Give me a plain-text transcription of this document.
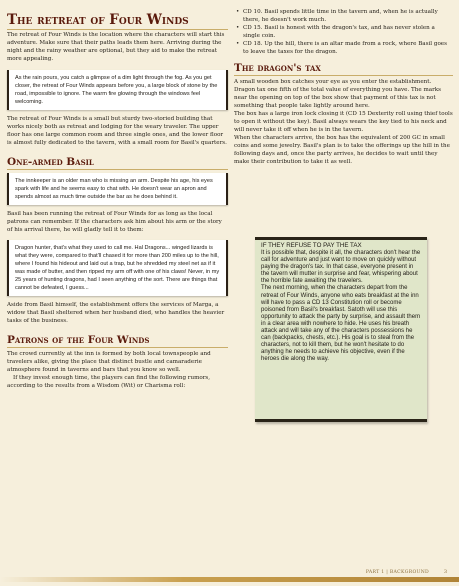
The retreat of Four Winds

The retreat of Four Winds is the location where the characters will start this adventure. Make sure that their paths leads them here. Arriving during the night and the rainy weather are optional, but they aid to make the retreat more appealing.

As the rain pours, you catch a glimpse of a dim light through the fog. As you get closer, the retreat of Four Winds appears before you, a large block of stone by the road, impossible to ignore. The warm fire glowing through the windows feel welcoming.

The retreat of Four Winds is a small but sturdy two-storied building that works nicely both as retreat and lodging for the weary traveler. The upper floor has one large common room and three single ones, and the lower floor is almost fully dedicated to the tavern, with a small room for Basil's quarters.

One-armed Basil

The innkeeper is an older man who is missing an arm. Despite his age, his eyes spark with life and he seems easy to chat with. He doesn't wear an apron and spends almost as much time outside the bar as he does behind it.

Basil has been running the retreat of Four Winds for as long as the local patrons can remember. If the characters ask him about his arm or the story of his arrival there, he will gladly tell it to them:

Dragon hunter, that's what they used to call me. Hal Dragons... winged lizards is what they were, compared to that'll chased it for more than 200 miles up to the hill, where I found his hideout and laid out a trap, but he shredded my steel net as if it was made of butter, and then ripped my arm off with one of his claws! Never, in my 25 years of hunting dragons, had I seen anything of the sort. There are things that cannot be defeated, I guess...

Aside from Basil himself, the establishment offers the services of Marga, a widow that Basil sheltered when her husband died, who handles the heavier tasks of the business.

Patrons of the Four Winds

The crowd currently at the inn is formed by both local townspeople and travelers alike, giving the place that distinct bustle and camaraderie atmosphere found in taverns and bars that you know so well.

If they invest enough time, the players can find the following rumors, according to the results from a Wisdom (Wit) or Charisma roll:

• CD 10. Basil spends little time in the tavern and, when he is actually there, he doesn't work much.
• CD 15. Basil is honest with the dragon's tax, and has never stolen a single coin.
• CD 18. Up the hill, there is an altar made from a rock, where Basil goes to leave the taxes for the dragon.
The dragon's tax

A small wooden box catches your eye as you enter the establishment. Dragon tax one fifth of the total value of everything you have. The marks near the opening on top of the box show that payment of this tax is not something that people take lightly around here.

The box has a large iron lock closing it (CD 15 Dexterity roll using thief tools to open it without the key). Basil always wears the key tied to his neck and will never take it off when he is in the tavern.

When the characters arrive, the box has the equivalent of 200 GC in small coins and some jewelry. Basil's plan is to take the offerings up the hill in the following days and, once the party arrives, he decides to wait until they make their contribution to take it as well.

IF THEY REFUSE TO PAY THE TAX

It is possible that, despite it all, the characters don't hear the call for adventure and just want to move on quickly without paying the dragon's tax. In that case, everyone present in the tavern will mutter in surprise and fear, whispering about the horrible fate awaiting the travelers.

The next morning, when the characters depart from the retreat of Four Winds, anyone who eats breakfast at the inn will have to pass a CD 13 Constitution roll or become poisoned from Basil's breakfast. Satoth will use this opportunity to attack the party by surprise, and assault them in a clear area with nowhere to hide. He uses his breath attack and will take any of the characters possessions he can (backpacks, chests, etc.). His goal is to steal from the characters, not to kill them, but he won't hesitate to do anything he needs to achieve his objective, even if the heroes die along the way.

PART 1 | BACKGROUND	3
